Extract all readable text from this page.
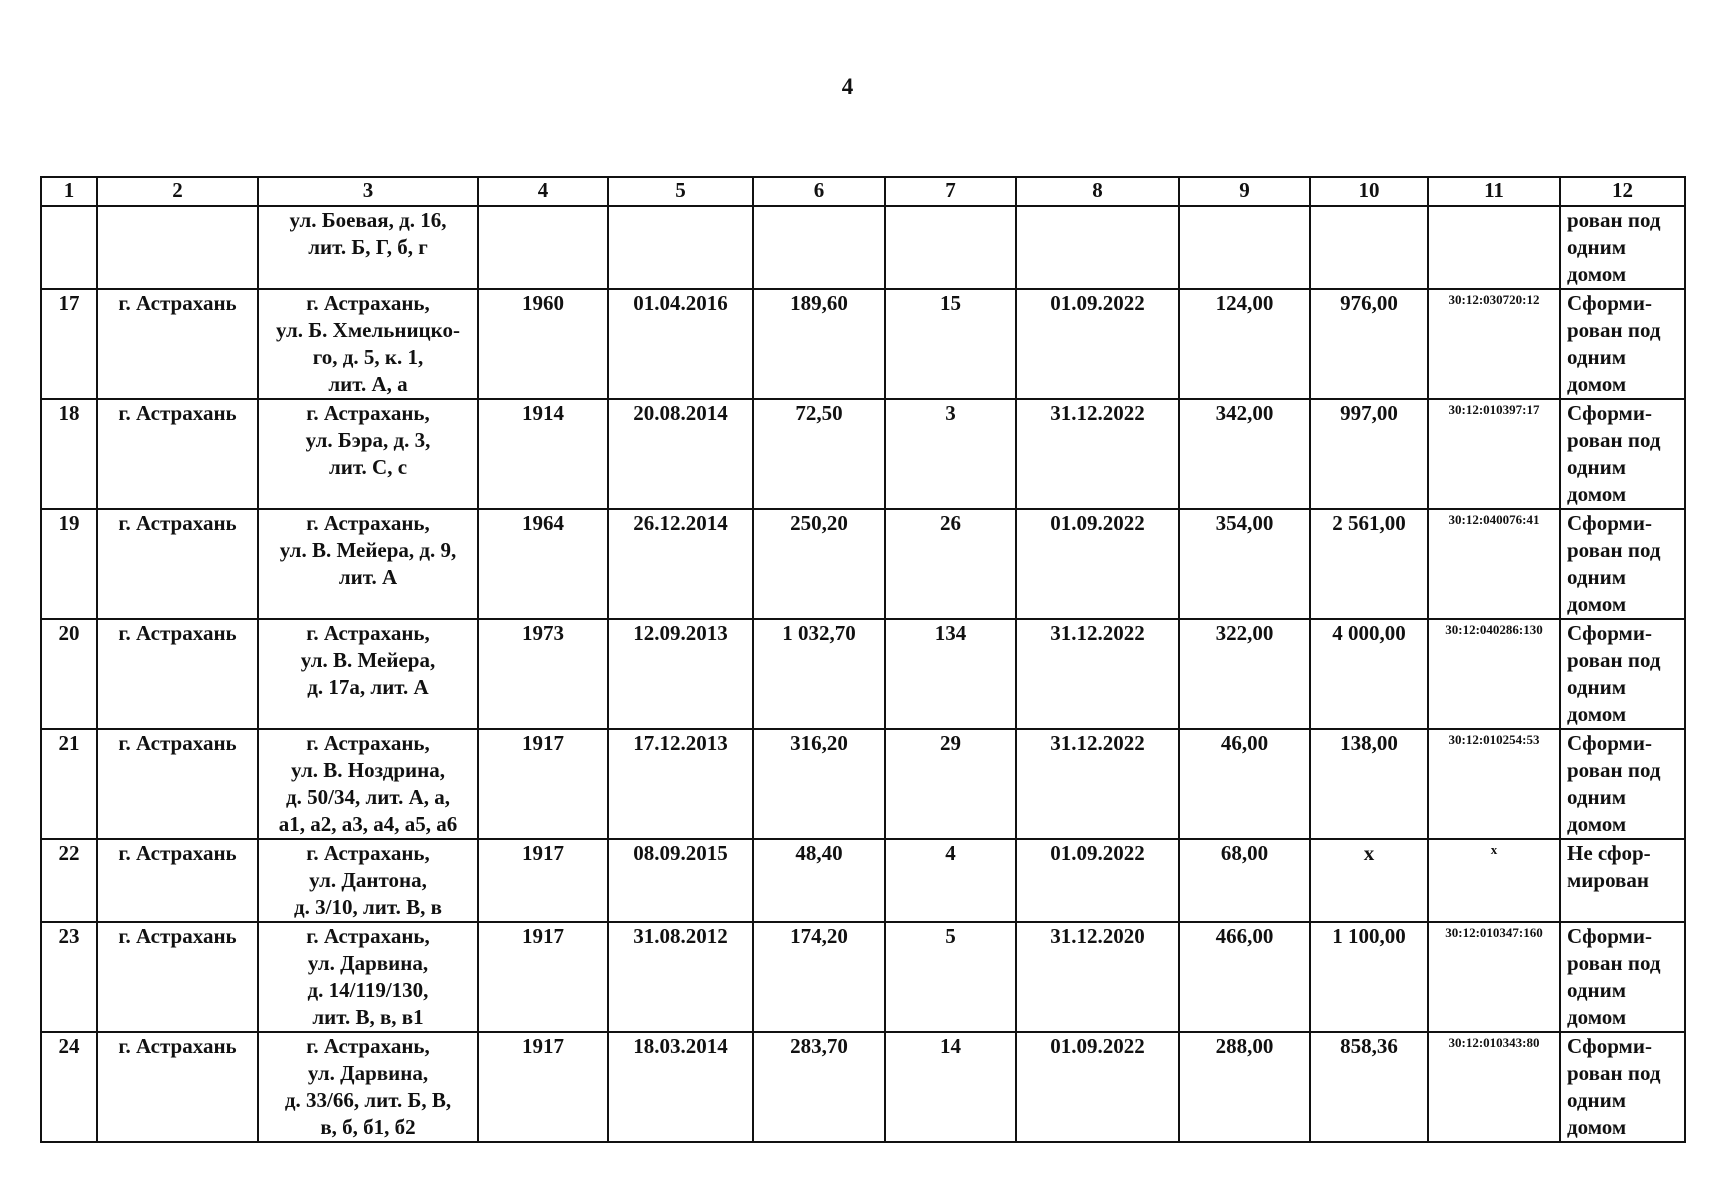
4
1	2	3	4	5	6	7	8	9	10	11	12

		ул. Боевая, д. 16,
лит. Б, Г, б, г									рован под
одним
домом

17	г. Астрахань	г. Астрахань,
ул. Б. Хмельницко-
го, д. 5, к. 1,
лит. А, а	1960	01.04.2016	189,60	15	01.09.2022	124,00	976,00	30:12:030720:12	Сформи-
рован под
одним
домом

18	г. Астрахань	г. Астрахань,
ул. Бэра, д. 3,
лит. С, с	1914	20.08.2014	72,50	3	31.12.2022	342,00	997,00	30:12:010397:17	Сформи-
рован под
одним
домом

19	г. Астрахань	г. Астрахань,
ул. В. Мейера, д. 9,
лит. А	1964	26.12.2014	250,20	26	01.09.2022	354,00	2 561,00	30:12:040076:41	Сформи-
рован под
одним
домом

20	г. Астрахань	г. Астрахань,
ул. В. Мейера,
д. 17а, лит. А	1973	12.09.2013	1 032,70	134	31.12.2022	322,00	4 000,00	30:12:040286:130	Сформи-
рован под
одним
домом

21	г. Астрахань	г. Астрахань,
ул. В. Ноздрина,
д. 50/34, лит. А, а,
а1, а2, а3, а4, а5, а6	1917	17.12.2013	316,20	29	31.12.2022	46,00	138,00	30:12:010254:53	Сформи-
рован под
одним
домом

22	г. Астрахань	г. Астрахань,
ул. Дантона,
д. 3/10, лит. В, в	1917	08.09.2015	48,40	4	01.09.2022	68,00	x	x	Не сфор-
мирован

23	г. Астрахань	г. Астрахань,
ул. Дарвина,
д. 14/119/130,
лит. В, в, в1	1917	31.08.2012	174,20	5	31.12.2020	466,00	1 100,00	30:12:010347:160	Сформи-
рован под
одним
домом

24	г. Астрахань	г. Астрахань,
ул. Дарвина,
д. 33/66, лит. Б, В,
в, б, б1, б2	1917	18.03.2014	283,70	14	01.09.2022	288,00	858,36	30:12:010343:80	Сформи-
рован под
одним
домом
